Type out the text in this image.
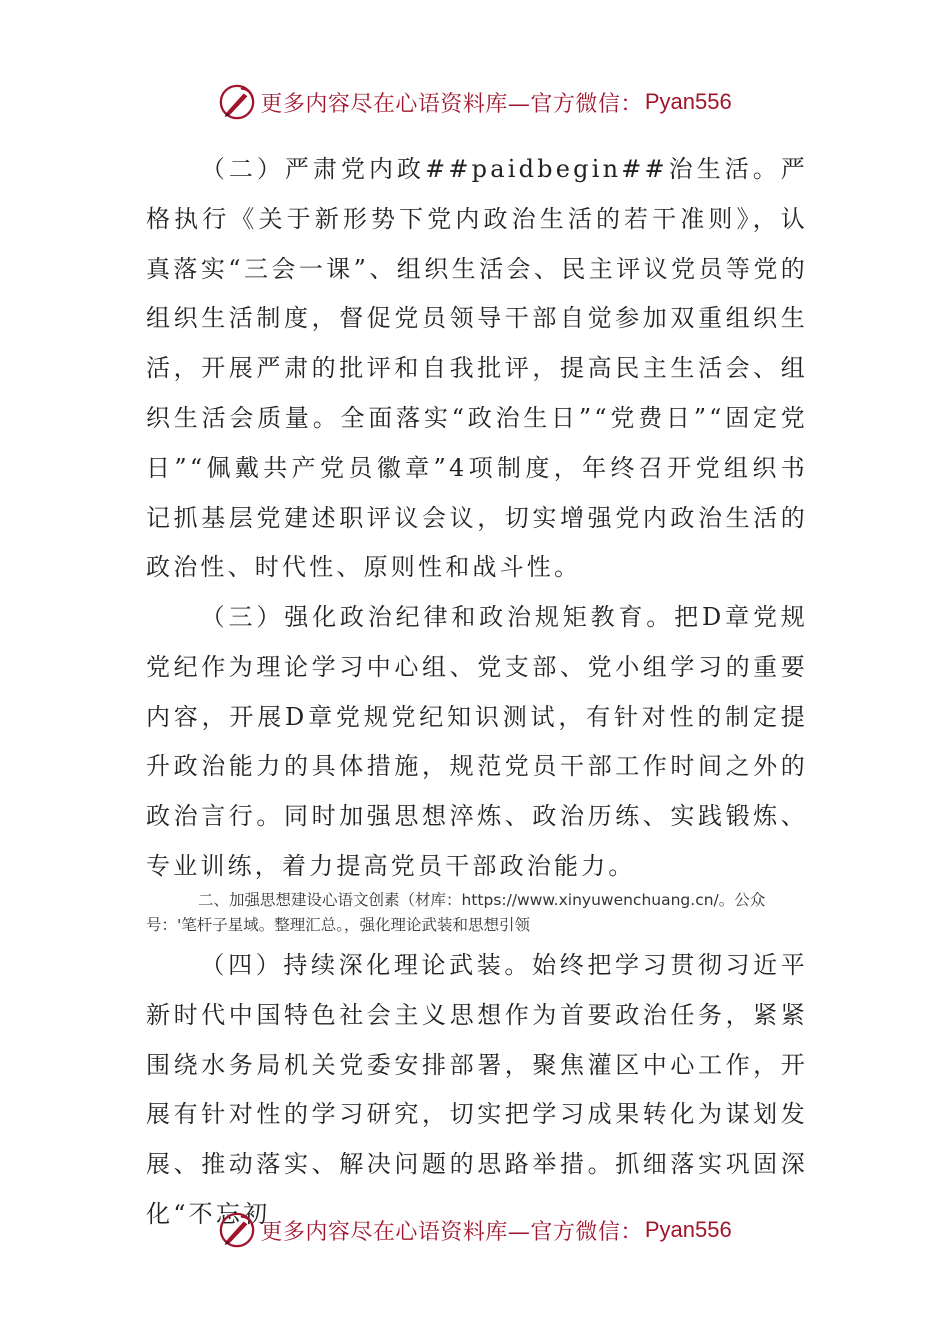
更多内容尽在心语资料库—官方微信： Pyan556

（二）严肃党内政##paidbegin##治生活。严格执行《关于新形势下党内政治生活的若干准则》，认真落实“三会一课”、组织生活会、民主评议党员等党的组织生活制度，督促党员领导干部自觉参加双重组织生活，开展严肃的批评和自我批评，提高民主生活会、组织生活会质量。全面落实“政治生日”“党费日”“固定党日”“佩戴共产党员徽章”4项制度，年终召开党组织书记抓基层党建述职评议会议，切实增强党内政治生活的政治性、时代性、原则性和战斗性。

（三）强化政治纪律和政治规矩教育。把D章党规党纪作为理论学习中心组、党支部、党小组学习的重要内容，开展D章党规党纪知识测试，有针对性的制定提升政治能力的具体措施，规范党员干部工作时间之外的政治言行。同时加强思想淬炼、政治历练、实践锻炼、专业训练，着力提高党员干部政治能力。

二、加强思想建设心语文创素（材库：https://www.xinyuwenchuang.cn/。公众号：'笔杆子星域。整理汇总。，强化理论武装和思想引领

（四）持续深化理论武装。始终把学习贯彻习近平新时代中国特色社会主义思想作为首要政治任务，紧紧围绕水务局机关党委安排部署，聚焦灌区中心工作，开展有针对性的学习研究，切实把学习成果转化为谋划发展、推动落实、解决问题的思路举措。抓细落实巩固深化“不忘初

更多内容尽在心语资料库—官方微信： Pyan556
